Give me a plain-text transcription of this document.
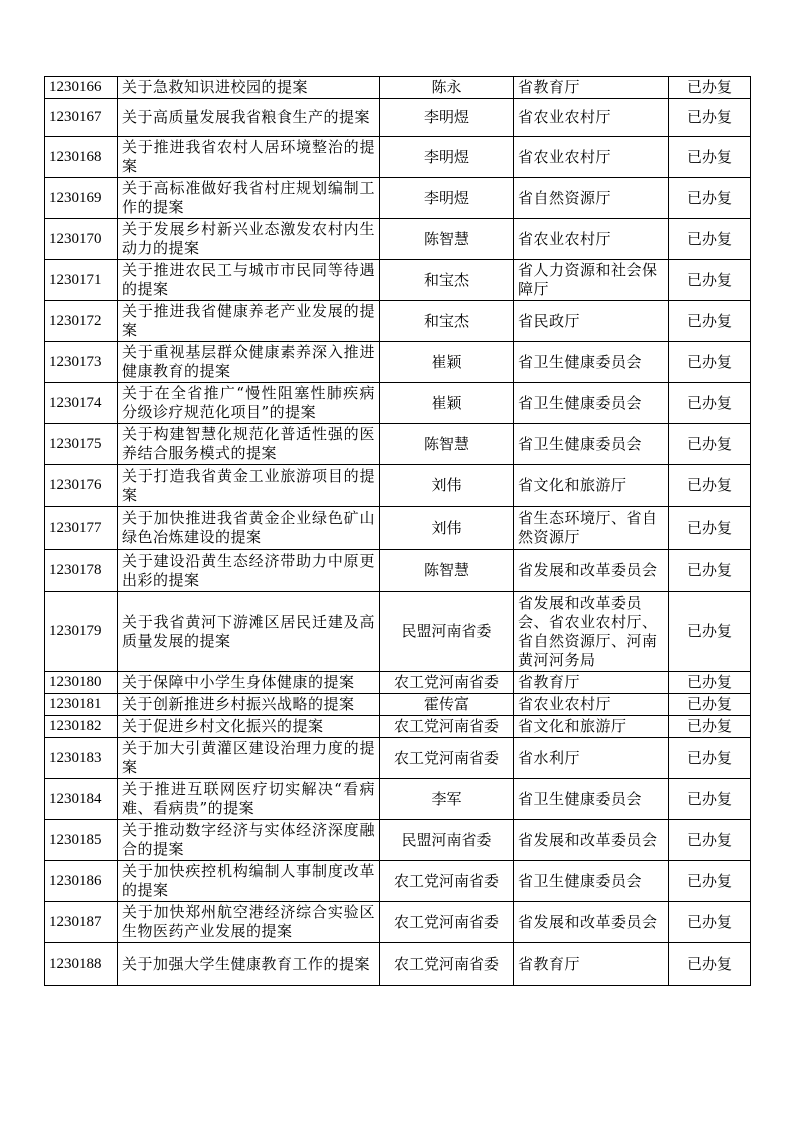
1230166	关于急救知识进校园的提案	陈永	省教育厅	已办复
1230167	关于高质量发展我省粮食生产的提案	李明煜	省农业农村厅	已办复
1230168	关于推进我省农村人居环境整治的提案	李明煜	省农业农村厅	已办复
1230169	关于高标准做好我省村庄规划编制工作的提案	李明煜	省自然资源厅	已办复
1230170	关于发展乡村新兴业态激发农村内生动力的提案	陈智慧	省农业农村厅	已办复
1230171	关于推进农民工与城市市民同等待遇的提案	和宝杰	省人力资源和社会保障厅	已办复
1230172	关于推进我省健康养老产业发展的提案	和宝杰	省民政厅	已办复
1230173	关于重视基层群众健康素养深入推进健康教育的提案	崔颖	省卫生健康委员会	已办复
1230174	关于在全省推广“慢性阻塞性肺疾病分级诊疗规范化项目”的提案	崔颖	省卫生健康委员会	已办复
1230175	关于构建智慧化规范化普适性强的医养结合服务模式的提案	陈智慧	省卫生健康委员会	已办复
1230176	关于打造我省黄金工业旅游项目的提案	刘伟	省文化和旅游厅	已办复
1230177	关于加快推进我省黄金企业绿色矿山绿色冶炼建设的提案	刘伟	省生态环境厅、省自然资源厅	已办复
1230178	关于建设沿黄生态经济带助力中原更出彩的提案	陈智慧	省发展和改革委员会	已办复
1230179	关于我省黄河下游滩区居民迁建及高质量发展的提案	民盟河南省委	省发展和改革委员会、省农业农村厅、省自然资源厅、河南黄河河务局	已办复
1230180	关于保障中小学生身体健康的提案	农工党河南省委	省教育厅	已办复
1230181	关于创新推进乡村振兴战略的提案	霍传富	省农业农村厅	已办复
1230182	关于促进乡村文化振兴的提案	农工党河南省委	省文化和旅游厅	已办复
1230183	关于加大引黄灌区建设治理力度的提案	农工党河南省委	省水利厅	已办复
1230184	关于推进互联网医疗切实解决“看病难、看病贵”的提案	李军	省卫生健康委员会	已办复
1230185	关于推动数字经济与实体经济深度融合的提案	民盟河南省委	省发展和改革委员会	已办复
1230186	关于加快疾控机构编制人事制度改革的提案	农工党河南省委	省卫生健康委员会	已办复
1230187	关于加快郑州航空港经济综合实验区生物医药产业发展的提案	农工党河南省委	省发展和改革委员会	已办复
1230188	关于加强大学生健康教育工作的提案	农工党河南省委	省教育厅	已办复
